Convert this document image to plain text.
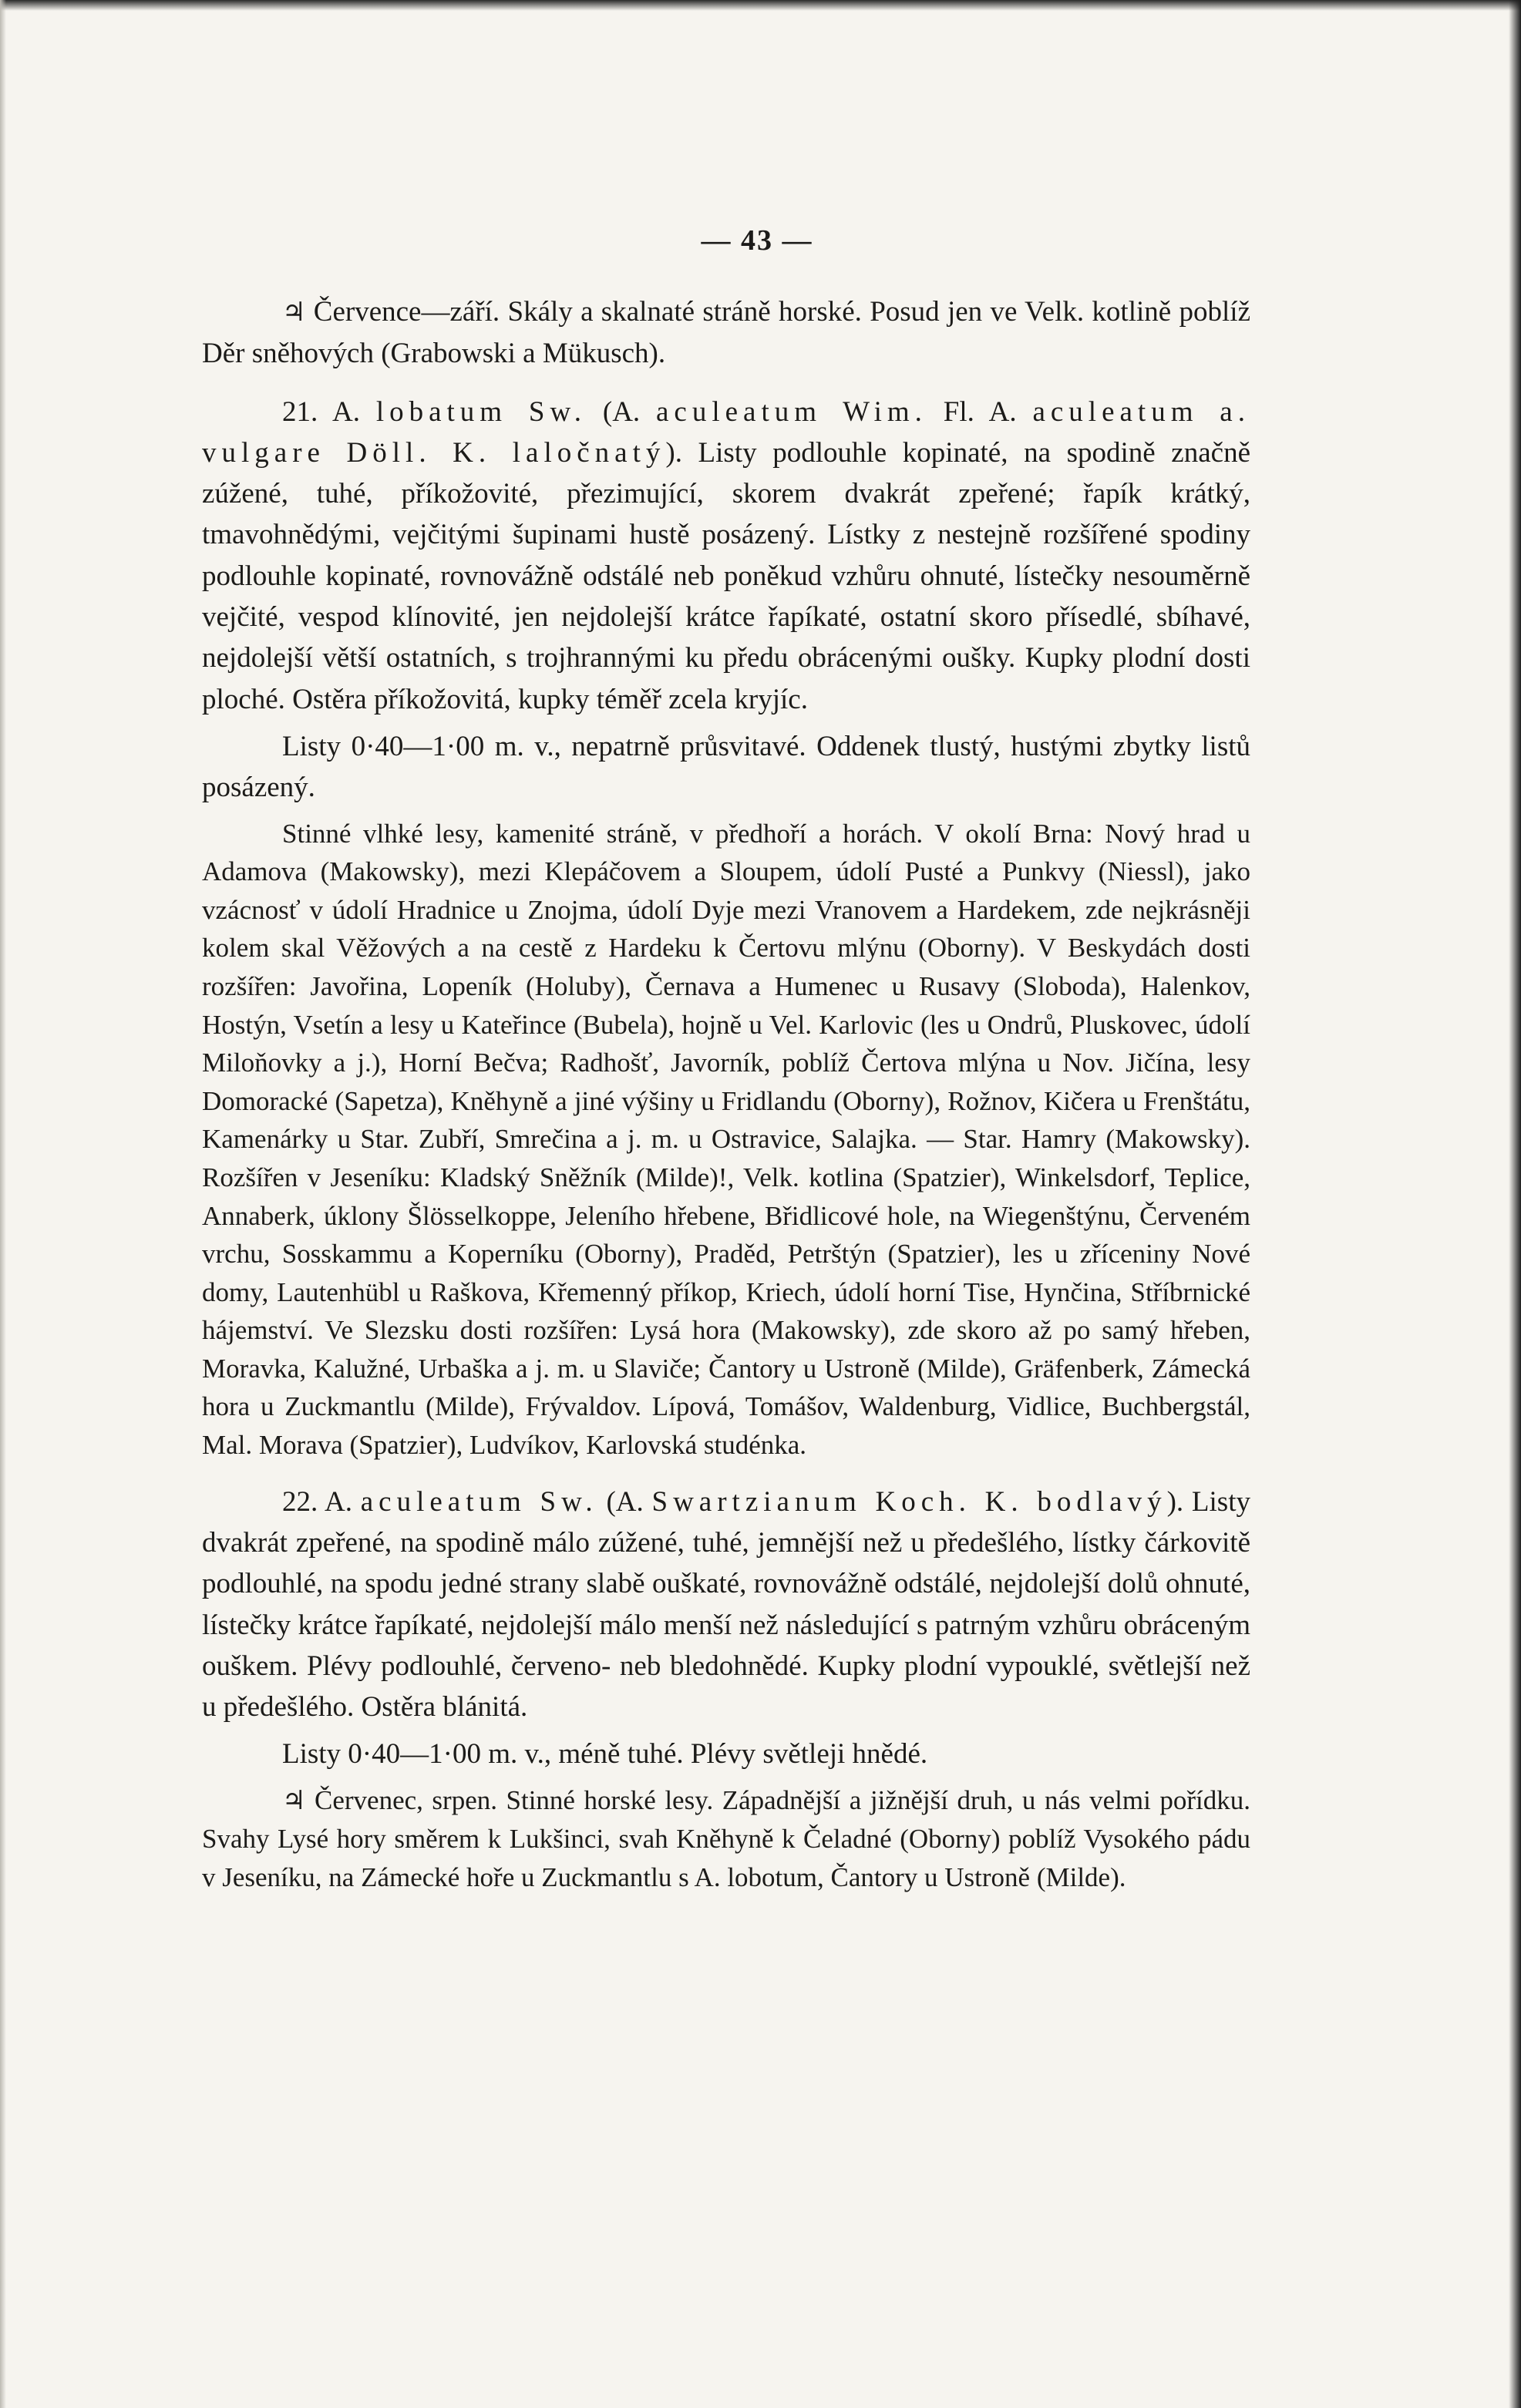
— 43 —

♃ Července—září. Skály a skalnaté stráně horské. Posud jen ve Velk. kotlině poblíž Děr sněhových (Grabowski a Mükusch).

21. A. lobatum Sw. (A. aculeatum Wim. Fl. A. aculeatum a. vulgare Döll. K. laločnatý). Listy podlouhle kopinaté, na spodině značně zúžené, tuhé, příkožovité, přezimující, skorem dvakrát zpeřené; řapík krátký, tmavohnědými, vejčitými šupinami hustě posázený. Lístky z nestejně rozšířené spodiny podlouhle kopinaté, rovnovážně odstálé neb poněkud vzhůru ohnuté, lístečky nesouměrně vejčité, vespod klínovité, jen nejdolejší krátce řapíkaté, ostatní skoro přísedlé, sbíhavé, nejdolejší větší ostatních, s trojhrannými ku předu obrácenými oušky. Kupky plodní dosti ploché. Ostěra příkožovitá, kupky téměř zcela kryjíc.

Listy 0·40—1·00 m. v., nepatrně průsvitavé. Oddenek tlustý, hustými zbytky listů posázený.

Stinné vlhké lesy, kamenité stráně, v předhoří a horách. V okolí Brna: Nový hrad u Adamova (Makowsky), mezi Klepáčovem a Sloupem, údolí Pusté a Punkvy (Niessl), jako vzácnosť v údolí Hradnice u Znojma, údolí Dyje mezi Vranovem a Hardekem, zde nejkrásněji kolem skal Věžových a na cestě z Hardeku k Čertovu mlýnu (Oborny). V Beskydách dosti rozšířen: Javořina, Lopeník (Holuby), Černava a Humenec u Rusavy (Sloboda), Halenkov, Hostýn, Vsetín a lesy u Kateřince (Bubela), hojně u Vel. Karlovic (les u Ondrů, Pluskovec, údolí Miloňovky a j.), Horní Bečva; Radhošť, Javorník, poblíž Čertova mlýna u Nov. Jičína, lesy Domoracké (Sapetza), Kněhyně a jiné výšiny u Fridlandu (Oborny), Rožnov, Kičera u Frenštátu, Kamenárky u Star. Zubří, Smrečina a j. m. u Ostravice, Salajka. — Star. Hamry (Makowsky). Rozšířen v Jeseníku: Kladský Sněžník (Milde)!, Velk. kotlina (Spatzier), Winkelsdorf, Teplice, Annaberk, úklony Šlösselkoppe, Jeleního hřebene, Břidlicové hole, na Wiegenštýnu, Červeném vrchu, Sosskammu a Koperníku (Oborny), Praděd, Petrštýn (Spatzier), les u zříceniny Nové domy, Lautenhübl u Raškova, Křemenný příkop, Kriech, údolí horní Tise, Hynčina, Stříbrnické hájemství. Ve Slezsku dosti rozšířen: Lysá hora (Makowsky), zde skoro až po samý hřeben, Moravka, Kalužné, Urbaška a j. m. u Slaviče; Čantory u Ustroně (Milde), Gräfenberk, Zámecká hora u Zuckmantlu (Milde), Frývaldov. Lípová, Tomášov, Waldenburg, Vidlice, Buchbergstál, Mal. Morava (Spatzier), Ludvíkov, Karlovská studénka.

22. A. aculeatum Sw. (A. Swartzianum Koch. K. bodlavý). Listy dvakrát zpeřené, na spodině málo zúžené, tuhé, jemnější než u předešlého, lístky čárkovitě podlouhlé, na spodu jedné strany slabě ouškaté, rovnovážně odstálé, nejdolejší dolů ohnuté, lístečky krátce řapíkaté, nejdolejší málo menší než následující s patrným vzhůru obráceným ouškem. Plévy podlouhlé, červeno- neb bledohnědé. Kupky plodní vypouklé, světlejší než u předešlého. Ostěra blánitá.

Listy 0·40—1·00 m. v., méně tuhé. Plévy světleji hnědé.

♃ Červenec, srpen. Stinné horské lesy. Západnější a jižnější druh, u nás velmi pořídku. Svahy Lysé hory směrem k Lukšinci, svah Kněhyně k Čeladné (Oborny) poblíž Vysokého pádu v Jeseníku, na Zámecké hoře u Zuckmantlu s A. lobotum, Čantory u Ustroně (Milde).
